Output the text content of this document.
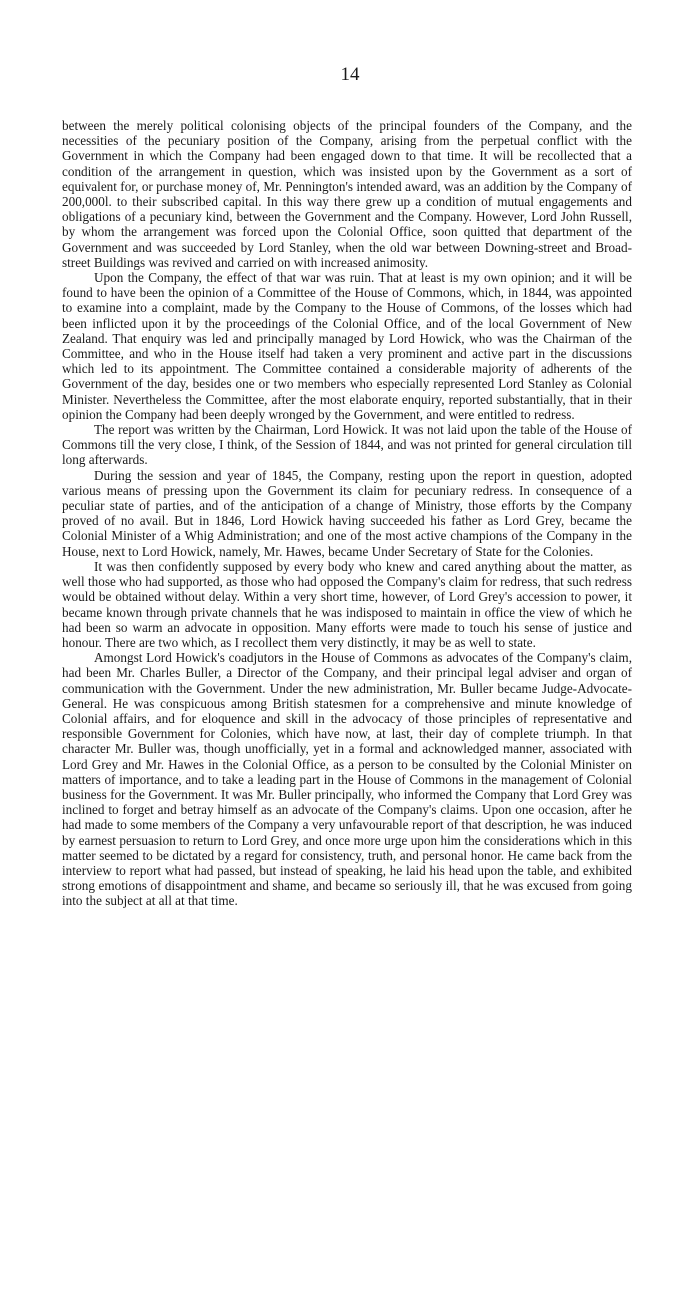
14

between the merely political colonising objects of the principal founders of the Company, and the necessities of the pecuniary position of the Company, arising from the perpetual conflict with the Government in which the Company had been engaged down to that time. It will be recollected that a condition of the arrangement in question, which was insisted upon by the Government as a sort of equivalent for, or purchase money of, Mr. Pennington's intended award, was an addition by the Company of 200,000l. to their subscribed capital. In this way there grew up a condition of mutual engagements and obligations of a pecuniary kind, between the Government and the Company. However, Lord John Russell, by whom the arrangement was forced upon the Colonial Office, soon quitted that department of the Government and was succeeded by Lord Stanley, when the old war between Downing-street and Broad-street Buildings was revived and carried on with increased animosity.

Upon the Company, the effect of that war was ruin. That at least is my own opinion; and it will be found to have been the opinion of a Committee of the House of Commons, which, in 1844, was appointed to examine into a complaint, made by the Company to the House of Commons, of the losses which had been inflicted upon it by the proceedings of the Colonial Office, and of the local Government of New Zealand. That enquiry was led and principally managed by Lord Howick, who was the Chairman of the Committee, and who in the House itself had taken a very prominent and active part in the discussions which led to its appointment. The Committee contained a considerable majority of adherents of the Government of the day, besides one or two members who especially represented Lord Stanley as Colonial Minister. Nevertheless the Committee, after the most elaborate enquiry, reported substantially, that in their opinion the Company had been deeply wronged by the Government, and were entitled to redress.

The report was written by the Chairman, Lord Howick. It was not laid upon the table of the House of Commons till the very close, I think, of the Session of 1844, and was not printed for general circulation till long afterwards.

During the session and year of 1845, the Company, resting upon the report in question, adopted various means of pressing upon the Government its claim for pecuniary redress. In consequence of a peculiar state of parties, and of the anticipation of a change of Ministry, those efforts by the Company proved of no avail. But in 1846, Lord Howick having succeeded his father as Lord Grey, became the Colonial Minister of a Whig Administration; and one of the most active champions of the Company in the House, next to Lord Howick, namely, Mr. Hawes, became Under Secretary of State for the Colonies.

It was then confidently supposed by every body who knew and cared anything about the matter, as well those who had supported, as those who had opposed the Company's claim for redress, that such redress would be obtained without delay. Within a very short time, however, of Lord Grey's accession to power, it became known through private channels that he was indisposed to maintain in office the view of which he had been so warm an advocate in opposition. Many efforts were made to touch his sense of justice and honour. There are two which, as I recollect them very distinctly, it may be as well to state.

Amongst Lord Howick's coadjutors in the House of Commons as advocates of the Company's claim, had been Mr. Charles Buller, a Director of the Company, and their principal legal adviser and organ of communication with the Government. Under the new administration, Mr. Buller became Judge-Advocate-General. He was conspicuous among British statesmen for a comprehensive and minute knowledge of Colonial affairs, and for eloquence and skill in the advocacy of those principles of representative and responsible Government for Colonies, which have now, at last, their day of complete triumph. In that character Mr. Buller was, though unofficially, yet in a formal and acknowledged manner, associated with Lord Grey and Mr. Hawes in the Colonial Office, as a person to be consulted by the Colonial Minister on matters of importance, and to take a leading part in the House of Commons in the management of Colonial business for the Government. It was Mr. Buller principally, who informed the Company that Lord Grey was inclined to forget and betray himself as an advocate of the Company's claims. Upon one occasion, after he had made to some members of the Company a very unfavourable report of that description, he was induced by earnest persuasion to return to Lord Grey, and once more urge upon him the considerations which in this matter seemed to be dictated by a regard for consistency, truth, and personal honor. He came back from the interview to report what had passed, but instead of speaking, he laid his head upon the table, and exhibited strong emotions of disappointment and shame, and became so seriously ill, that he was excused from going into the subject at all at that time.
